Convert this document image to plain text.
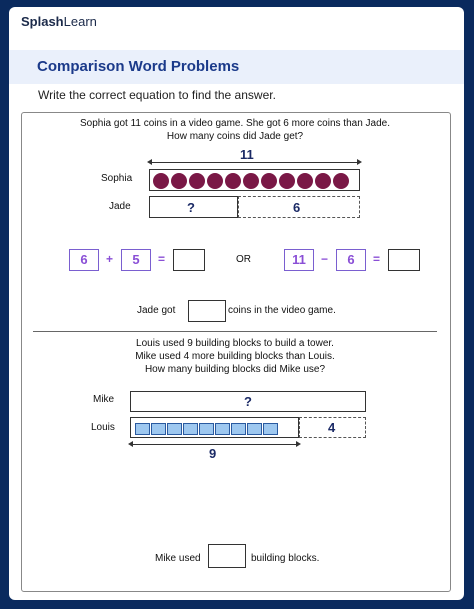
SplashLearn
Comparison Word Problems
Write the correct equation to find the answer.
Sophia got 11 coins in a video game. She got 6 more coins than Jade.
How many coins did Jade get?
11
Sophia
Jade	?	6
6	+	5	=	OR	11	−	6	=
Jade got	coins in the video game.
Louis used 9 building blocks to build a tower.
Mike used 4 more building blocks than Louis.
How many building blocks did Mike use?
Mike	?
Louis	4
9
Mike used	building blocks.
